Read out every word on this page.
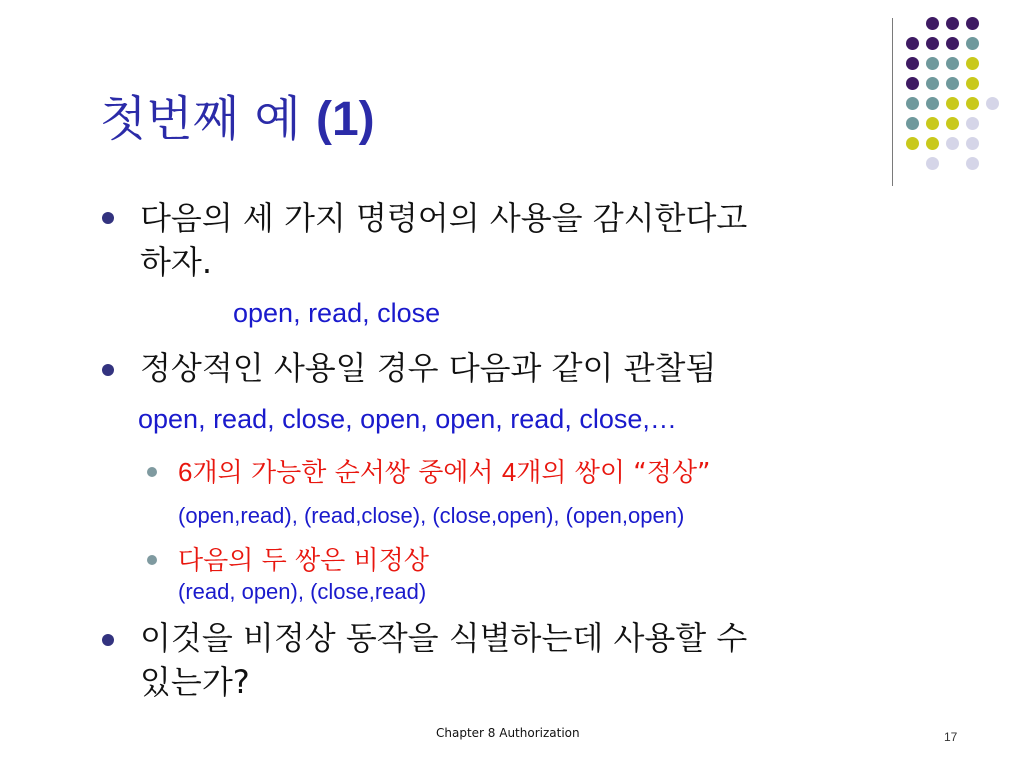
첫번째 예 (1)
다음의 세 가지 명령어의 사용을 감시한다고
하자.
open, read, close
정상적인 사용일 경우 다음과 같이 관찰됨
open, read, close, open, open, read, close,…
6개의 가능한 순서쌍 중에서 4개의 쌍이 “정상”
(open,read), (read,close), (close,open), (open,open)
다음의 두 쌍은 비정상
(read, open), (close,read)
이것을 비정상 동작을 식별하는데 사용할 수
있는가?
Chapter 8 Authorization	17
